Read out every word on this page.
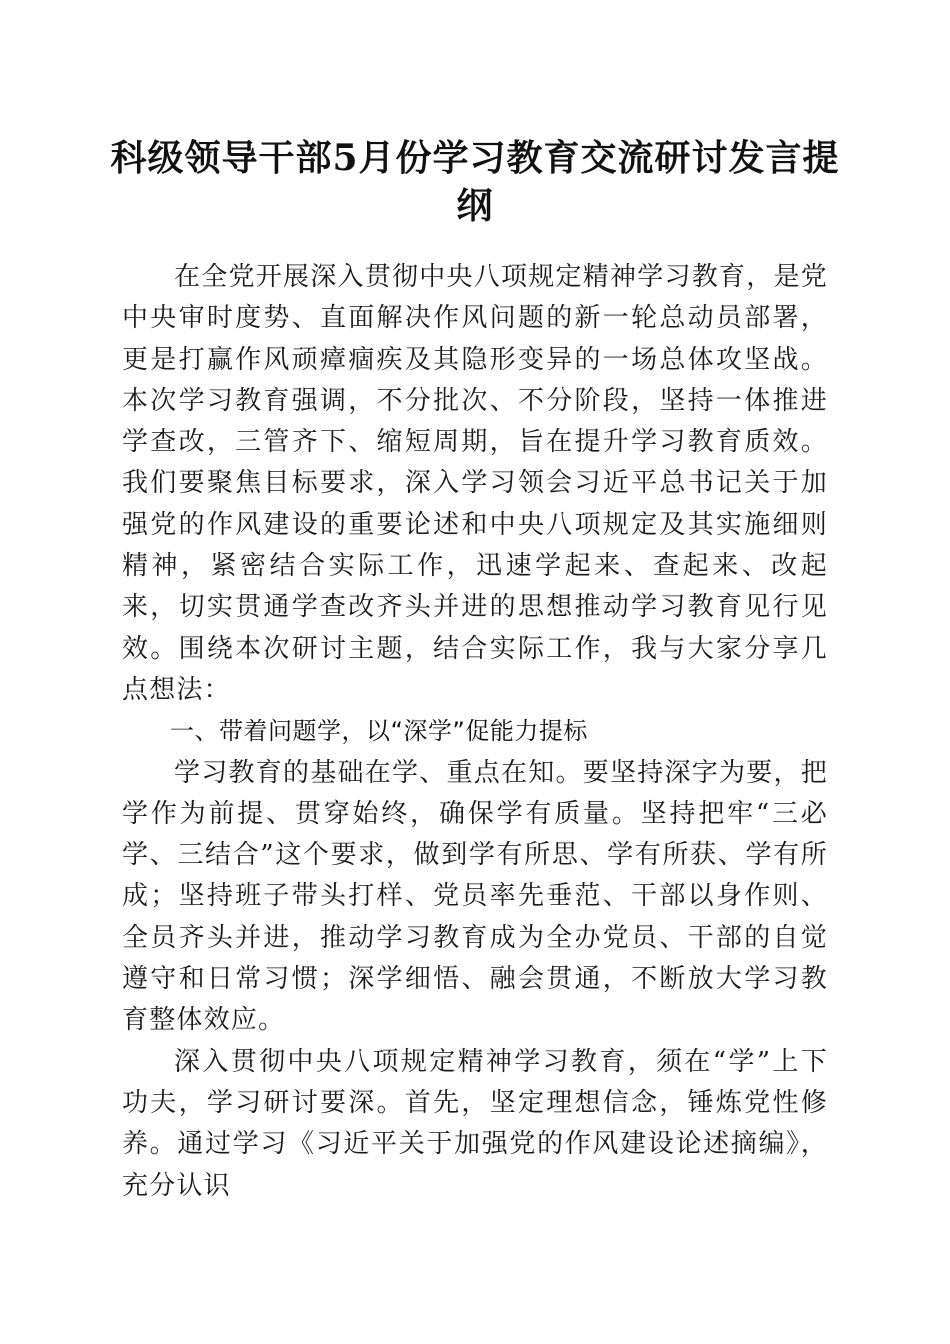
科级领导干部5月份学习教育交流研讨发言提纲

在全党开展深入贯彻中央八项规定精神学习教育，是党中央审时度势、直面解决作风问题的新一轮总动员部署，更是打赢作风顽瘴痼疾及其隐形变异的一场总体攻坚战。本次学习教育强调，不分批次、不分阶段，坚持一体推进学查改，三管齐下、缩短周期，旨在提升学习教育质效。我们要聚焦目标要求，深入学习领会习近平总书记关于加强党的作风建设的重要论述和中央八项规定及其实施细则精神，紧密结合实际工作，迅速学起来、查起来、改起来，切实贯通学查改齐头并进的思想推动学习教育见行见效。围绕本次研讨主题，结合实际工作，我与大家分享几点想法：

一、带着问题学，以“深学”促能力提标

学习教育的基础在学、重点在知。要坚持深字为要，把学作为前提、贯穿始终，确保学有质量。坚持把牢“三必学、三结合”这个要求，做到学有所思、学有所获、学有所成；坚持班子带头打样、党员率先垂范、干部以身作则、全员齐头并进，推动学习教育成为全办党员、干部的自觉遵守和日常习惯；深学细悟、融会贯通，不断放大学习教育整体效应。

深入贯彻中央八项规定精神学习教育，须在“学”上下功夫，学习研讨要深。首先，坚定理想信念，锤炼党性修养。通过学习《习近平关于加强党的作风建设论述摘编》，充分认识
